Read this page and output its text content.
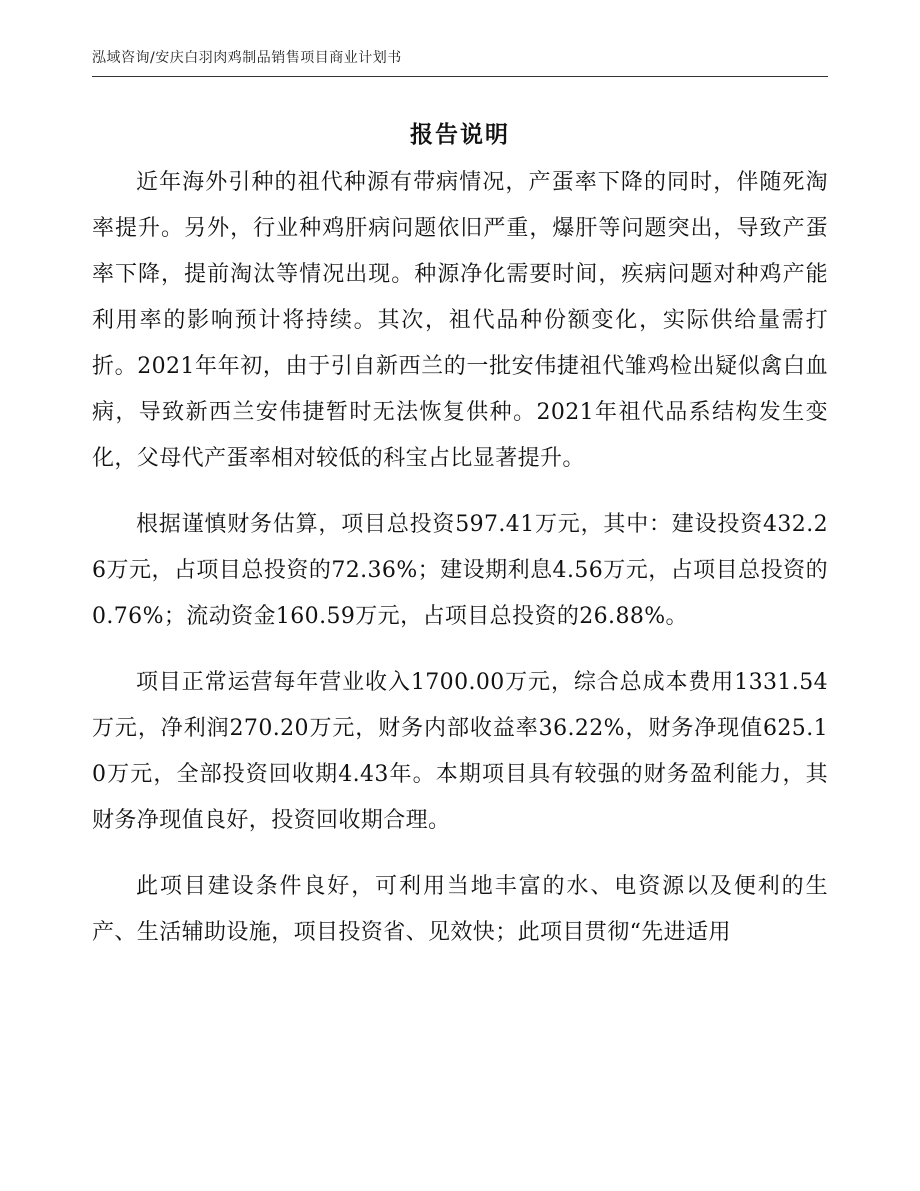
泓域咨询/安庆白羽肉鸡制品销售项目商业计划书
报告说明

近年海外引种的祖代种源有带病情况，产蛋率下降的同时，伴随死淘率提升。另外，行业种鸡肝病问题依旧严重，爆肝等问题突出，导致产蛋率下降，提前淘汰等情况出现。种源净化需要时间，疾病问题对种鸡产能利用率的影响预计将持续。其次，祖代品种份额变化，实际供给量需打折。2021年年初，由于引自新西兰的一批安伟捷祖代雏鸡检出疑似禽白血病，导致新西兰安伟捷暂时无法恢复供种。2021年祖代品系结构发生变化，父母代产蛋率相对较低的科宝占比显著提升。

根据谨慎财务估算，项目总投资597.41万元，其中：建设投资432.26万元，占项目总投资的72.36%；建设期利息4.56万元，占项目总投资的0.76%；流动资金160.59万元，占项目总投资的26.88%。

项目正常运营每年营业收入1700.00万元，综合总成本费用1331.54万元，净利润270.20万元，财务内部收益率36.22%，财务净现值625.10万元，全部投资回收期4.43年。本期项目具有较强的财务盈利能力，其财务净现值良好，投资回收期合理。

此项目建设条件良好，可利用当地丰富的水、电资源以及便利的生产、生活辅助设施，项目投资省、见效快；此项目贯彻“先进适用
